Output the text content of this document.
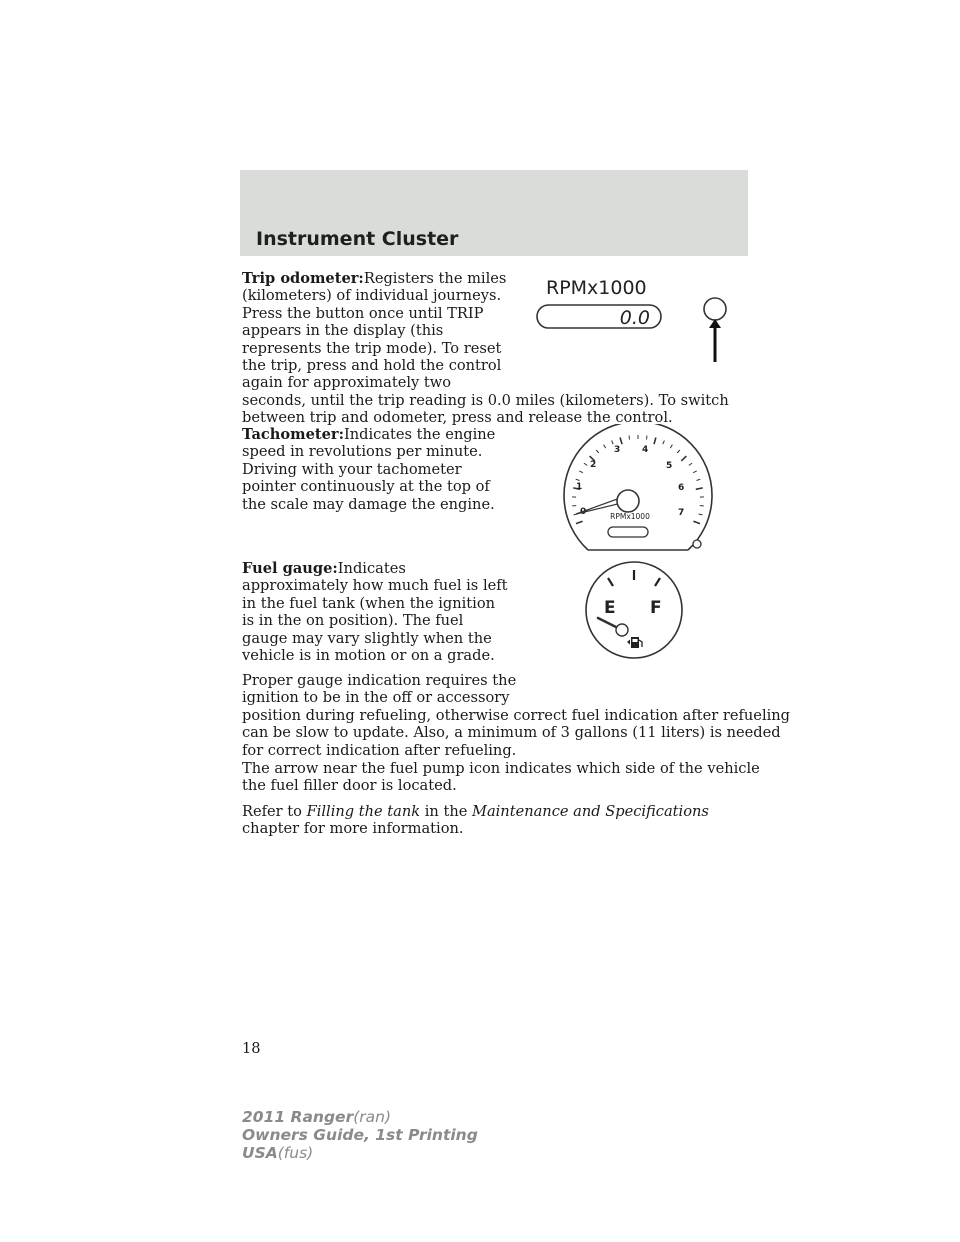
Instrument Cluster
Trip odometer:Registers the miles
(kilometers) of individual journeys.
Press the button once until TRIP
appears in the display (this
represents the trip mode). To reset
the trip, press and hold the control
again for approximately two
seconds, until the trip reading is 0.0 miles (kilometers). To switch
between trip and odometer, press and release the control.
RPMx1000
0.0
Tachometer:Indicates the engine
speed in revolutions per minute.
Driving with your tachometer
pointer continuously at the top of
the scale may damage the engine.
1
2
3 4
5
6
7
RPMx1000
Fuel gauge:Indicates
approximately how much fuel is left
in the fuel tank (when the ignition
is in the on position). The fuel
gauge may vary slightly when the
vehicle is in motion or on a grade.
E F
Proper gauge indication requires the
ignition to be in the off or accessory
position during refueling, otherwise correct fuel indication after refueling
can be slow to update. Also, a minimum of 3 gallons (11 liters) is needed
for correct indication after refueling.
The arrow near the fuel pump icon indicates which side of the vehicle
the fuel filler door is located.
Refer to Filling the tank in the Maintenance and Specifications
chapter for more information.
18
2011 Ranger(ran)
Owners Guide, 1st Printing
USA(fus)
